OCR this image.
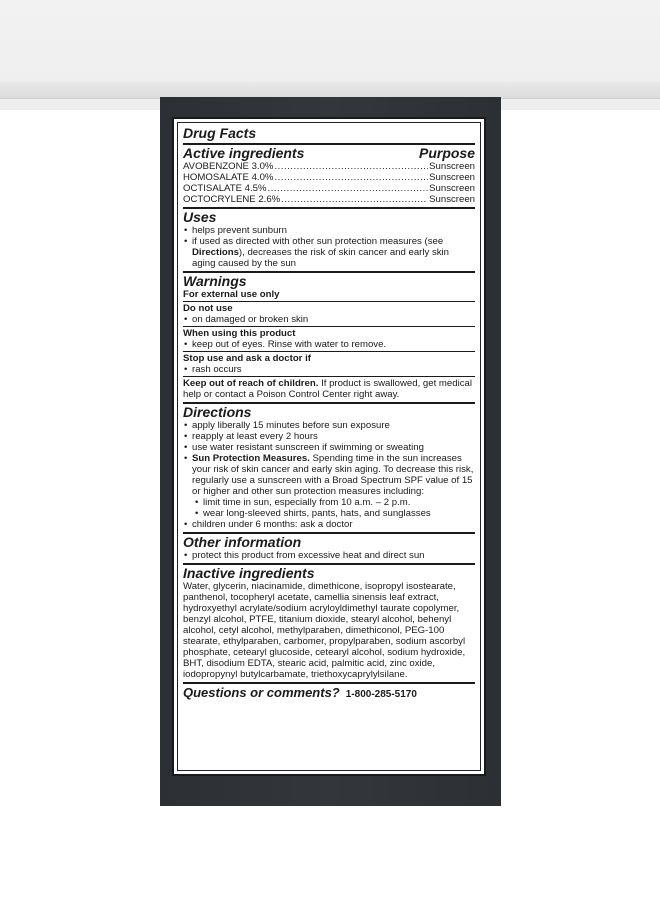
Drug Facts
Active ingredients	Purpose
AVOBENZONE 3.0% .....	Sunscreen
HOMOSALATE 4.0% .....	Sunscreen
OCTISALATE 4.5% .....	Sunscreen
OCTOCRYLENE 2.6% .....	Sunscreen
Uses
• helps prevent sunburn
• if used as directed with other sun protection measures (see Directions), decreases the risk of skin cancer and early skin aging caused by the sun
Warnings
For external use only
Do not use
• on damaged or broken skin
When using this product
• keep out of eyes. Rinse with water to remove.
Stop use and ask a doctor if
• rash occurs

Keep out of reach of children. If product is swallowed, get medical help or contact a Poison Control Center right away.

Directions
• apply liberally 15 minutes before sun exposure
• reapply at least every 2 hours
• use water resistant sunscreen if swimming or sweating
• Sun Protection Measures. Spending time in the sun increases your risk of skin cancer and early skin aging. To decrease this risk, regularly use a sunscreen with a Broad Spectrum SPF value of 15 or higher and other sun protection measures including:
• limit time in sun, especially from 10 a.m. – 2 p.m.
• wear long-sleeved shirts, pants, hats, and sunglasses
• children under 6 months: ask a doctor
Other information
• protect this product from excessive heat and direct sun
Inactive ingredients

Water, glycerin, niacinamide, dimethicone, isopropyl isostearate, panthenol, tocopheryl acetate, camellia sinensis leaf extract, hydroxyethyl acrylate/sodium acryloyldimethyl taurate copolymer, benzyl alcohol, PTFE, titanium dioxide, stearyl alcohol, behenyl alcohol, cetyl alcohol, methylparaben, dimethiconol, PEG-100 stearate, ethylparaben, carbomer, propylparaben, sodium ascorbyl phosphate, cetearyl glucoside, cetearyl alcohol, sodium hydroxide, BHT, disodium EDTA, stearic acid, palmitic acid, zinc oxide, iodopropynyl butylcarbamate, triethoxycaprylylsilane.

Questions or comments? 1-800-285-5170
